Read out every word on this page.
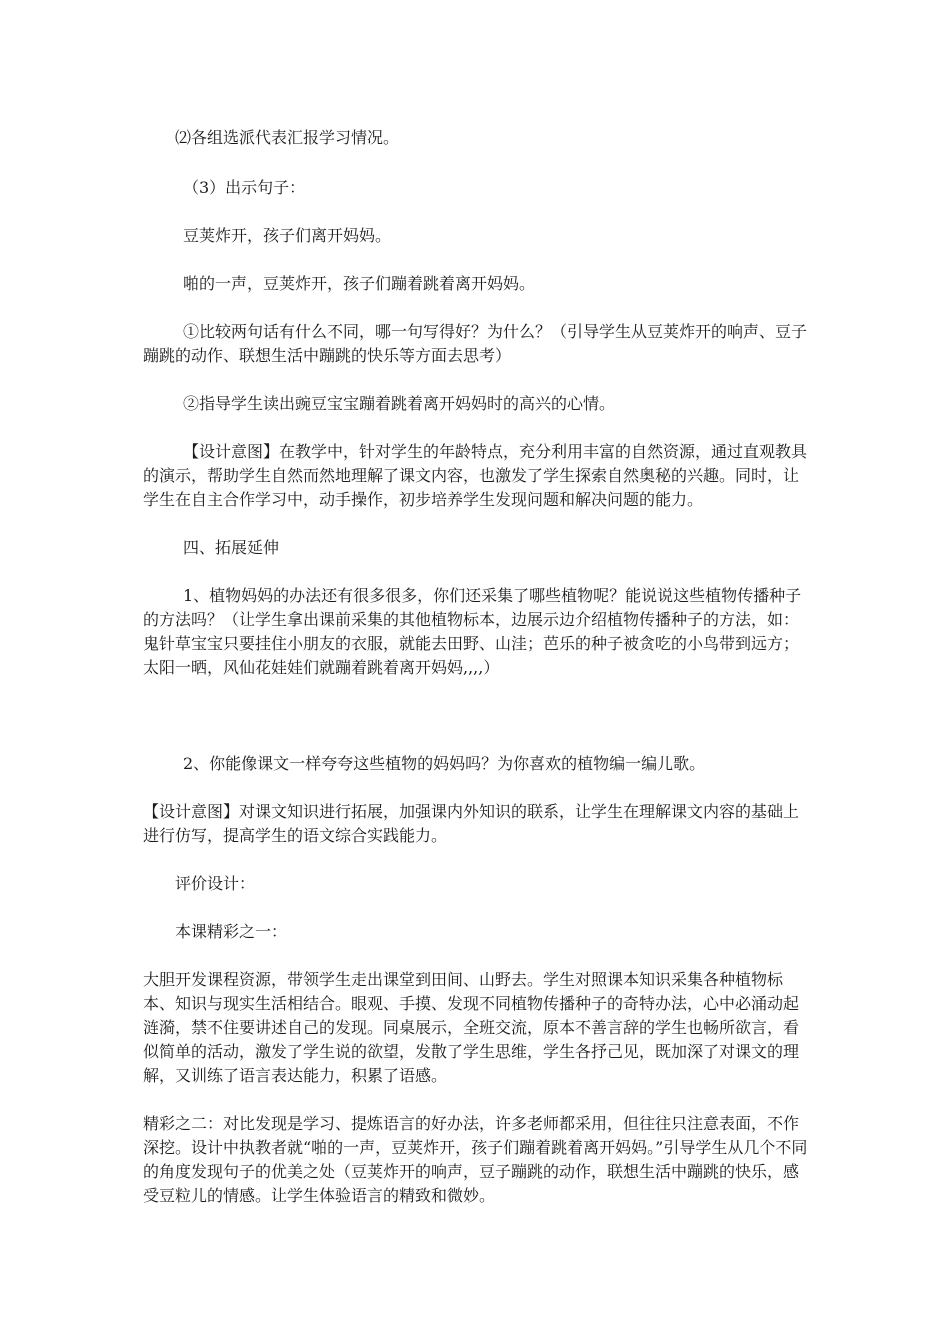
⑵各组选派代表汇报学习情况。

（3）出示句子：

豆荚炸开，孩子们离开妈妈。

啪的一声，豆荚炸开，孩子们蹦着跳着离开妈妈。

①比较两句话有什么不同，哪一句写得好？为什么？（引导学生从豆荚炸开的响声、豆子蹦跳的动作、联想生活中蹦跳的快乐等方面去思考）

②指导学生读出豌豆宝宝蹦着跳着离开妈妈时的高兴的心情。

【设计意图】在教学中，针对学生的年龄特点，充分利用丰富的自然资源，通过直观教具的演示，帮助学生自然而然地理解了课文内容，也激发了学生探索自然奥秘的兴趣。同时，让学生在自主合作学习中，动手操作，初步培养学生发现问题和解决问题的能力。

四、拓展延伸

1、植物妈妈的办法还有很多很多，你们还采集了哪些植物呢？能说说这些植物传播种子的方法吗？（让学生拿出课前采集的其他植物标本，边展示边介绍植物传播种子的方法，如：鬼针草宝宝只要挂住小朋友的衣服，就能去田野、山洼；芭乐的种子被贪吃的小鸟带到远方；太阳一晒，风仙花娃娃们就蹦着跳着离开妈妈,,,,）

2、你能像课文一样夸夸这些植物的妈妈吗？为你喜欢的植物编一编儿歌。

【设计意图】对课文知识进行拓展，加强课内外知识的联系，让学生在理解课文内容的基础上进行仿写，提高学生的语文综合实践能力。

评价设计：

本课精彩之一：

大胆开发课程资源，带领学生走出课堂到田间、山野去。学生对照课本知识采集各种植物标本、知识与现实生活相结合。眼观、手摸、发现不同植物传播种子的奇特办法，心中必涌动起涟漪，禁不住要讲述自己的发现。同桌展示，全班交流，原本不善言辞的学生也畅所欲言，看似简单的活动，激发了学生说的欲望，发散了学生思维，学生各抒己见，既加深了对课文的理解，又训练了语言表达能力，积累了语感。

精彩之二：对比发现是学习、提炼语言的好办法，许多老师都采用，但往往只注意表面，不作深挖。设计中执教者就“啪的一声，豆荚炸开，孩子们蹦着跳着离开妈妈。”引导学生从几个不同的角度发现句子的优美之处（豆荚炸开的响声，豆子蹦跳的动作，联想生活中蹦跳的快乐，感受豆粒儿的情感。让学生体验语言的精致和微妙。
